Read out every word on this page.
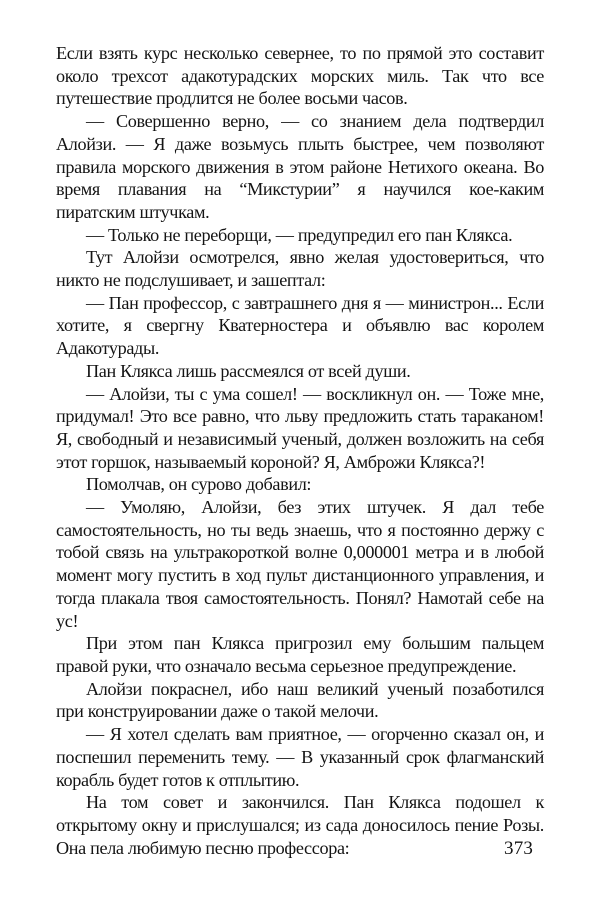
Если взять курс несколько севернее, то по прямой это составит около трехсот адакотурадских морских миль. Так что все путешествие продлится не более восьми часов.

— Совершенно верно, — со знанием дела подтвердил Алойзи. — Я даже возьмусь плыть быстрее, чем позволяют правила морского движения в этом районе Нетихого океана. Во время плавания на “Микстурии” я научился кое-каким пиратским штучкам.

— Только не переборщи, — предупредил его пан Клякса.

Тут Алойзи осмотрелся, явно желая удостовериться, что никто не подслушивает, и зашептал:

— Пан профессор, с завтрашнего дня я — министрон... Если хотите, я свергну Кватерностера и объявлю вас королем Адакотурады.

Пан Клякса лишь рассмеялся от всей души.

— Алойзи, ты с ума сошел! — воскликнул он. — Тоже мне, придумал! Это все равно, что льву предложить стать тараканом! Я, свободный и независимый ученый, должен возложить на себя этот горшок, называемый короной? Я, Амброжи Клякса?!

Помолчав, он сурово добавил:

— Умоляю, Алойзи, без этих штучек. Я дал тебе самостоятельность, но ты ведь знаешь, что я постоянно держу с тобой связь на ультракороткой волне 0,000001 метра и в любой момент могу пустить в ход пульт дистанционного управления, и тогда плакала твоя самостоятельность. Понял? Намотай себе на ус!

При этом пан Клякса пригрозил ему большим пальцем правой руки, что означало весьма серьезное предупреждение.

Алойзи покраснел, ибо наш великий ученый позаботился при конструировании даже о такой мелочи.

— Я хотел сделать вам приятное, — огорченно сказал он, и поспешил переменить тему. — В указанный срок флагманский корабль будет готов к отплытию.

На том совет и закончился. Пан Клякса подошел к открытому окну и прислушался; из сада доносилось пение Розы. Она пела любимую песню профессора:	373
